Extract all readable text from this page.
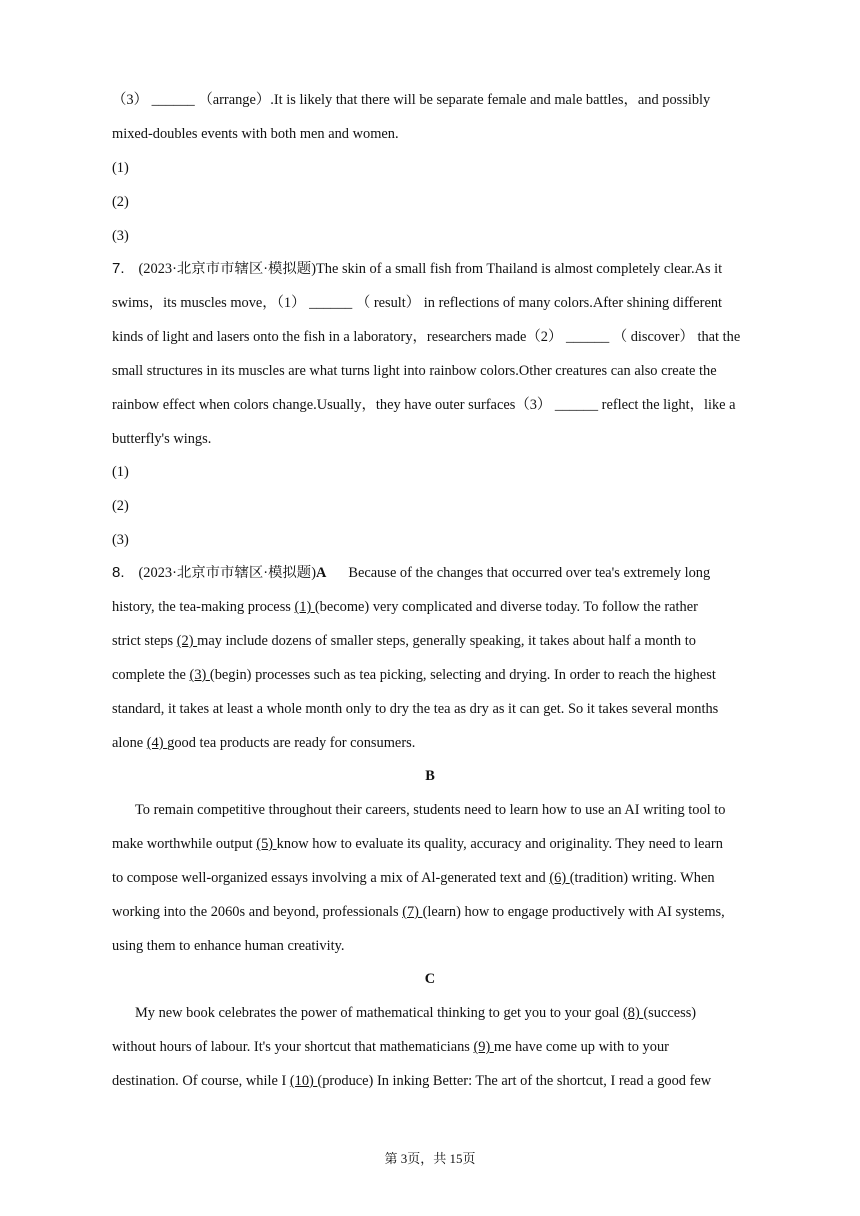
（3） ______ （arrange）.It is likely that there will be separate female and male battles，and possibly
mixed-doubles events with both men and women.
(1)
(2)
(3)
7. (2023·北京市市辖区·模拟题)The skin of a small fish from Thailand is almost completely clear.As it
swims，its muscles move，（1） ______ （ result） in reflections of many colors.After shining different
kinds of light and lasers onto the fish in a laboratory，researchers made（2） ______ （ discover） that the
small structures in its muscles are what turns light into rainbow colors.Other creatures can also create the
rainbow effect when colors change.Usually，they have outer surfaces（3） ______ reflect the light，like a
butterfly's wings.
(1)
(2)
(3)
8. (2023·北京市市辖区·模拟题)A Because of the changes that occurred over tea's extremely long
history, the tea-making process (1) (become) very complicated and diverse today. To follow the rather
strict steps (2) may include dozens of smaller steps, generally speaking, it takes about half a month to
complete the (3) (begin) processes such as tea picking, selecting and drying. In order to reach the highest
standard, it takes at least a whole month only to dry the tea as dry as it can get. So it takes several months
alone (4) good tea products are ready for consumers.
B
To remain competitive throughout their careers, students need to learn how to use an AI writing tool to
make worthwhile output (5) know how to evaluate its quality, accuracy and originality. They need to learn
to compose well-organized essays involving a mix of Al-generated text and (6) (tradition) writing. When
working into the 2060s and beyond, professionals (7) (learn) how to engage productively with AI systems,
using them to enhance human creativity.
C
My new book celebrates the power of mathematical thinking to get you to your goal (8) (success)
without hours of labour. It's your shortcut that mathematicians (9) me have come up with to your
destination. Of course, while I (10) (produce) In inking Better: The art of the shortcut, I read a good few
第 3页，共 15页
